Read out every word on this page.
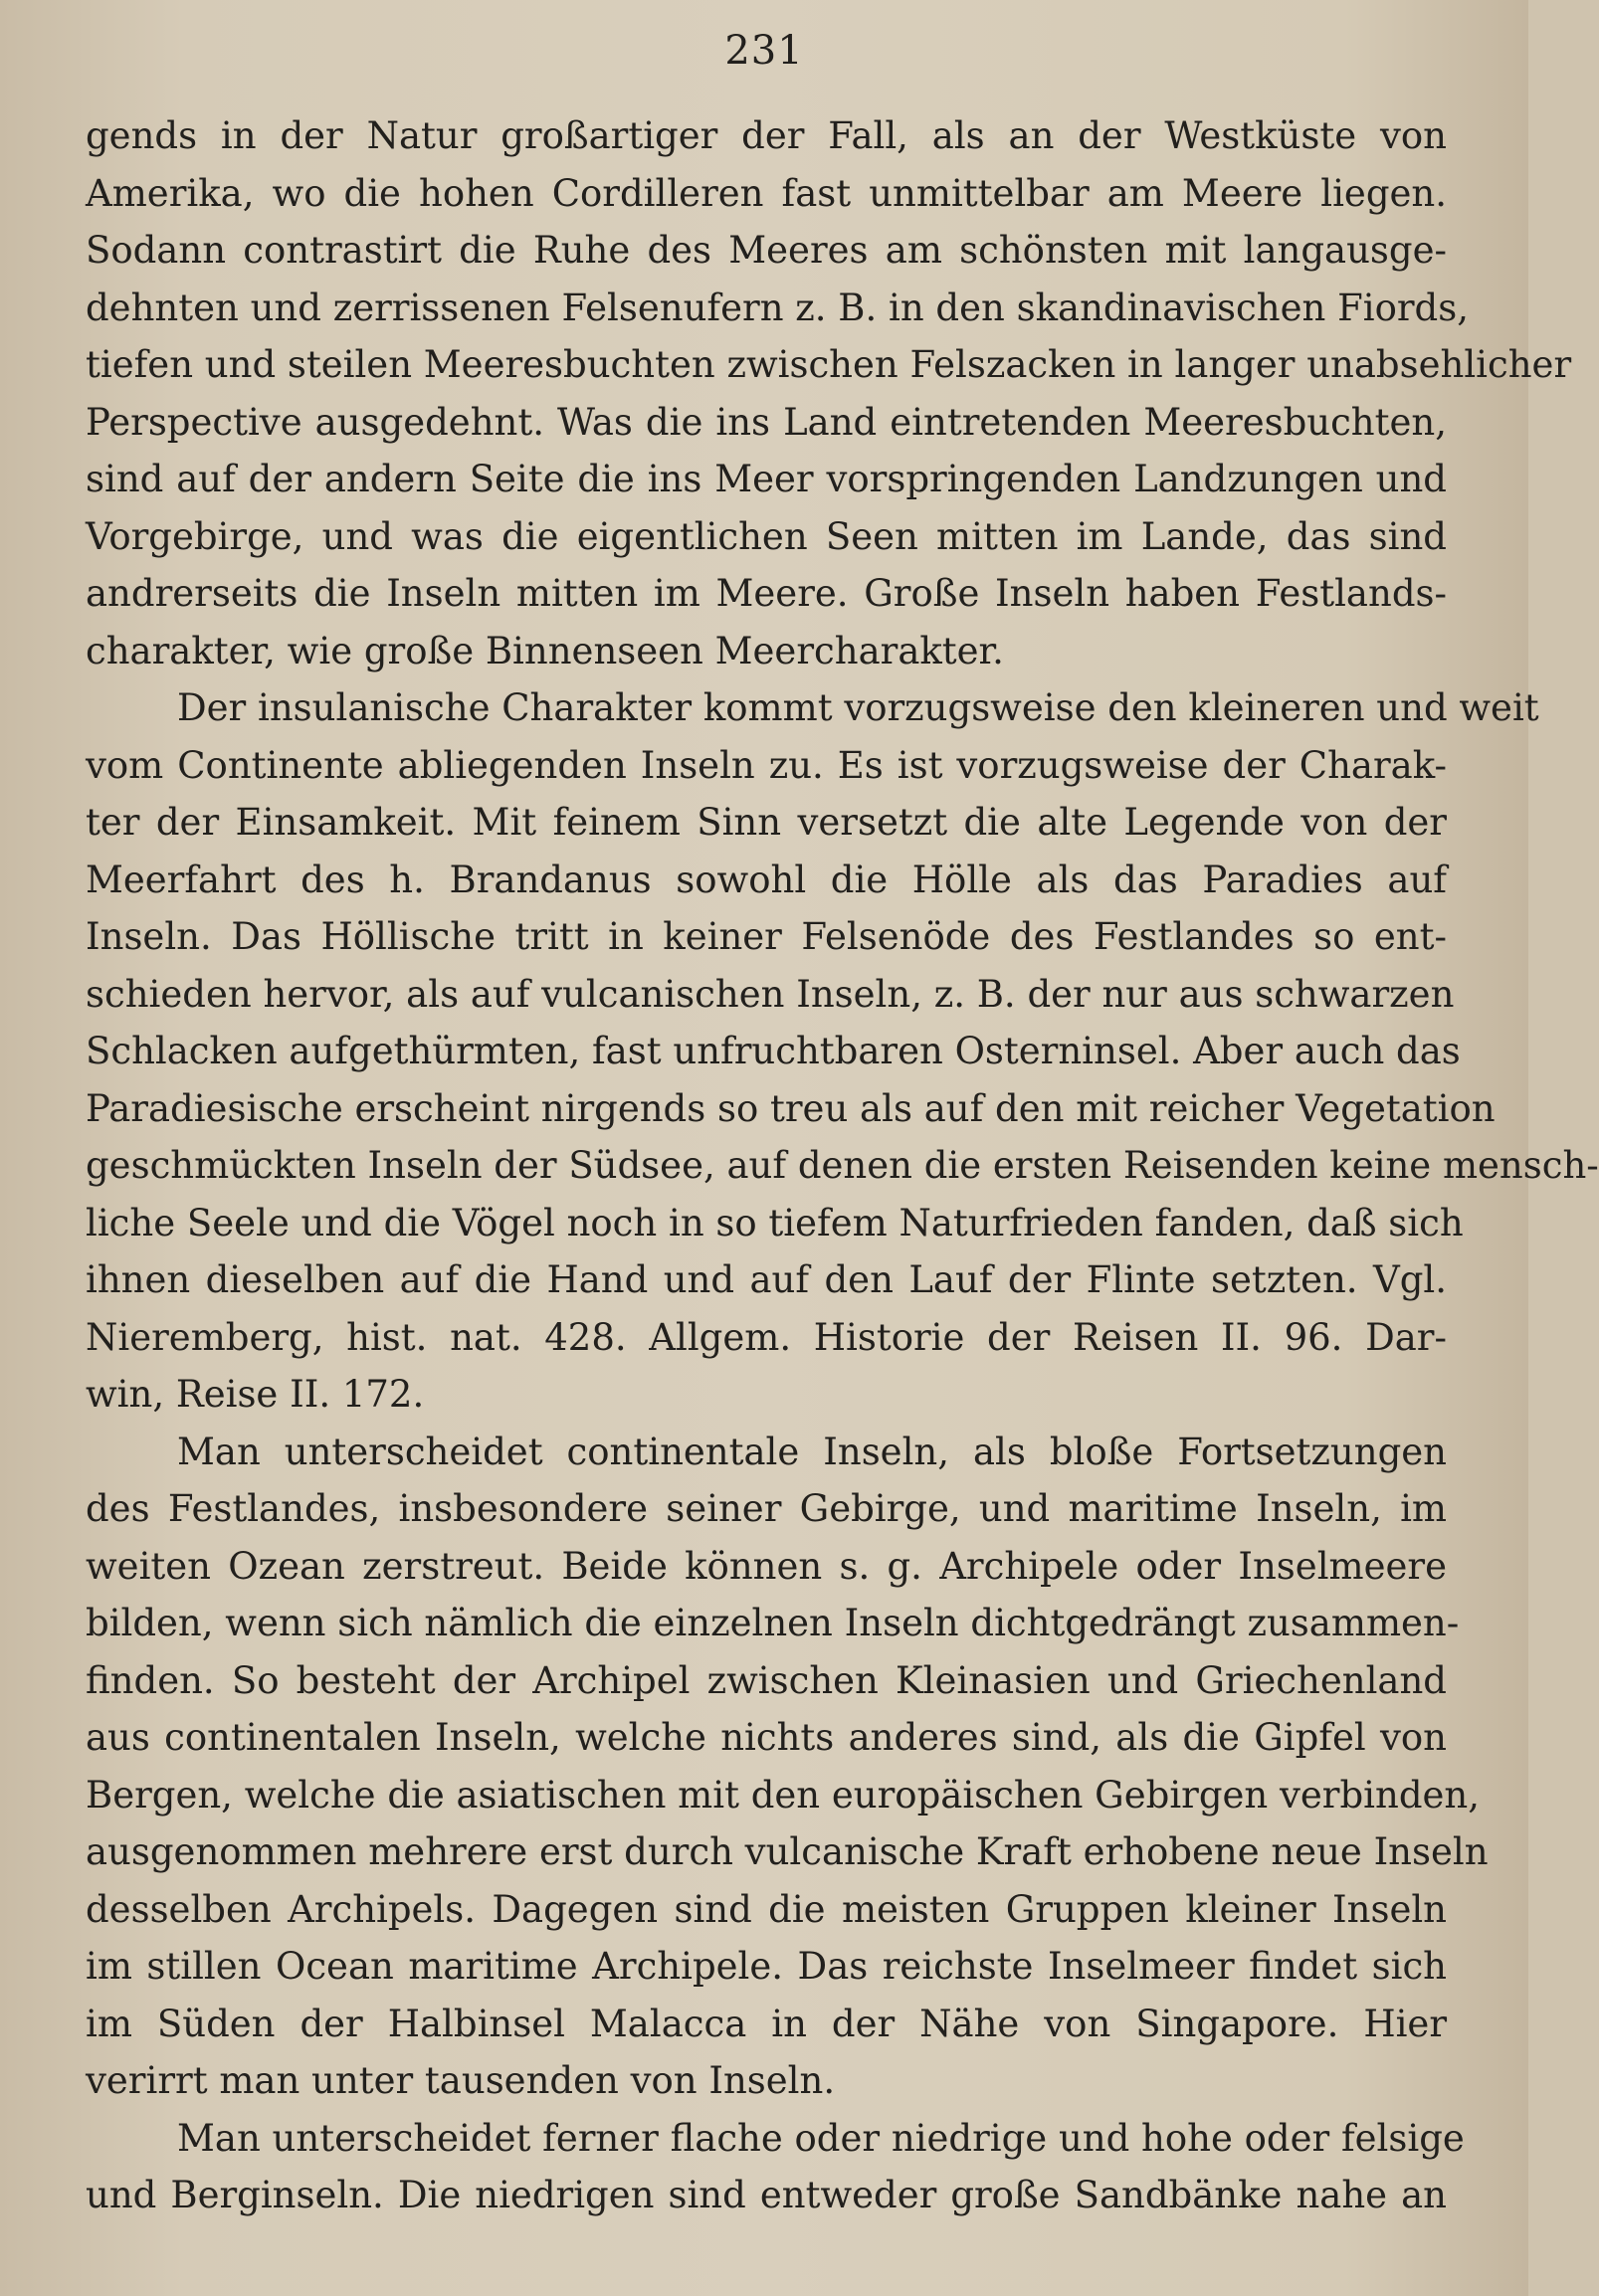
231
gends in der Natur großartiger der Fall, als an der Westküste von
Amerika, wo die hohen Cordilleren fast unmittelbar am Meere liegen.
Sodann contrastirt die Ruhe des Meeres am schönsten mit langausge-
dehnten und zerrissenen Felsenufern z. B. in den skandinavischen Fiords,
tiefen und steilen Meeresbuchten zwischen Felszacken in langer unabsehlicher
Perspective ausgedehnt. Was die ins Land eintretenden Meeresbuchten,
sind auf der andern Seite die ins Meer vorspringenden Landzungen und
Vorgebirge, und was die eigentlichen Seen mitten im Lande, das sind
andrerseits die Inseln mitten im Meere. Große Inseln haben Festlands-
charakter, wie große Binnenseen Meercharakter.
Der insulanische Charakter kommt vorzugsweise den kleineren und weit
vom Continente abliegenden Inseln zu. Es ist vorzugsweise der Charak-
ter der Einsamkeit. Mit feinem Sinn versetzt die alte Legende von der
Meerfahrt des h. Brandanus sowohl die Hölle als das Paradies auf
Inseln. Das Höllische tritt in keiner Felsenöde des Festlandes so ent-
schieden hervor, als auf vulcanischen Inseln, z. B. der nur aus schwarzen
Schlacken aufgethürmten, fast unfruchtbaren Osterninsel. Aber auch das
Paradiesische erscheint nirgends so treu als auf den mit reicher Vegetation
geschmückten Inseln der Südsee, auf denen die ersten Reisenden keine mensch-
liche Seele und die Vögel noch in so tiefem Naturfrieden fanden, daß sich
ihnen dieselben auf die Hand und auf den Lauf der Flinte setzten. Vgl.
Nieremberg, hist. nat. 428. Allgem. Historie der Reisen II. 96. Dar-
win, Reise II. 172.
Man unterscheidet continentale Inseln, als bloße Fortsetzungen
des Festlandes, insbesondere seiner Gebirge, und maritime Inseln, im
weiten Ozean zerstreut. Beide können s. g. Archipele oder Inselmeere
bilden, wenn sich nämlich die einzelnen Inseln dichtgedrängt zusammen-
finden. So besteht der Archipel zwischen Kleinasien und Griechenland
aus continentalen Inseln, welche nichts anderes sind, als die Gipfel von
Bergen, welche die asiatischen mit den europäischen Gebirgen verbinden,
ausgenommen mehrere erst durch vulcanische Kraft erhobene neue Inseln
desselben Archipels. Dagegen sind die meisten Gruppen kleiner Inseln
im stillen Ocean maritime Archipele. Das reichste Inselmeer findet sich
im Süden der Halbinsel Malacca in der Nähe von Singapore. Hier
verirrt man unter tausenden von Inseln.
Man unterscheidet ferner flache oder niedrige und hohe oder felsige
und Berginseln. Die niedrigen sind entweder große Sandbänke nahe an
